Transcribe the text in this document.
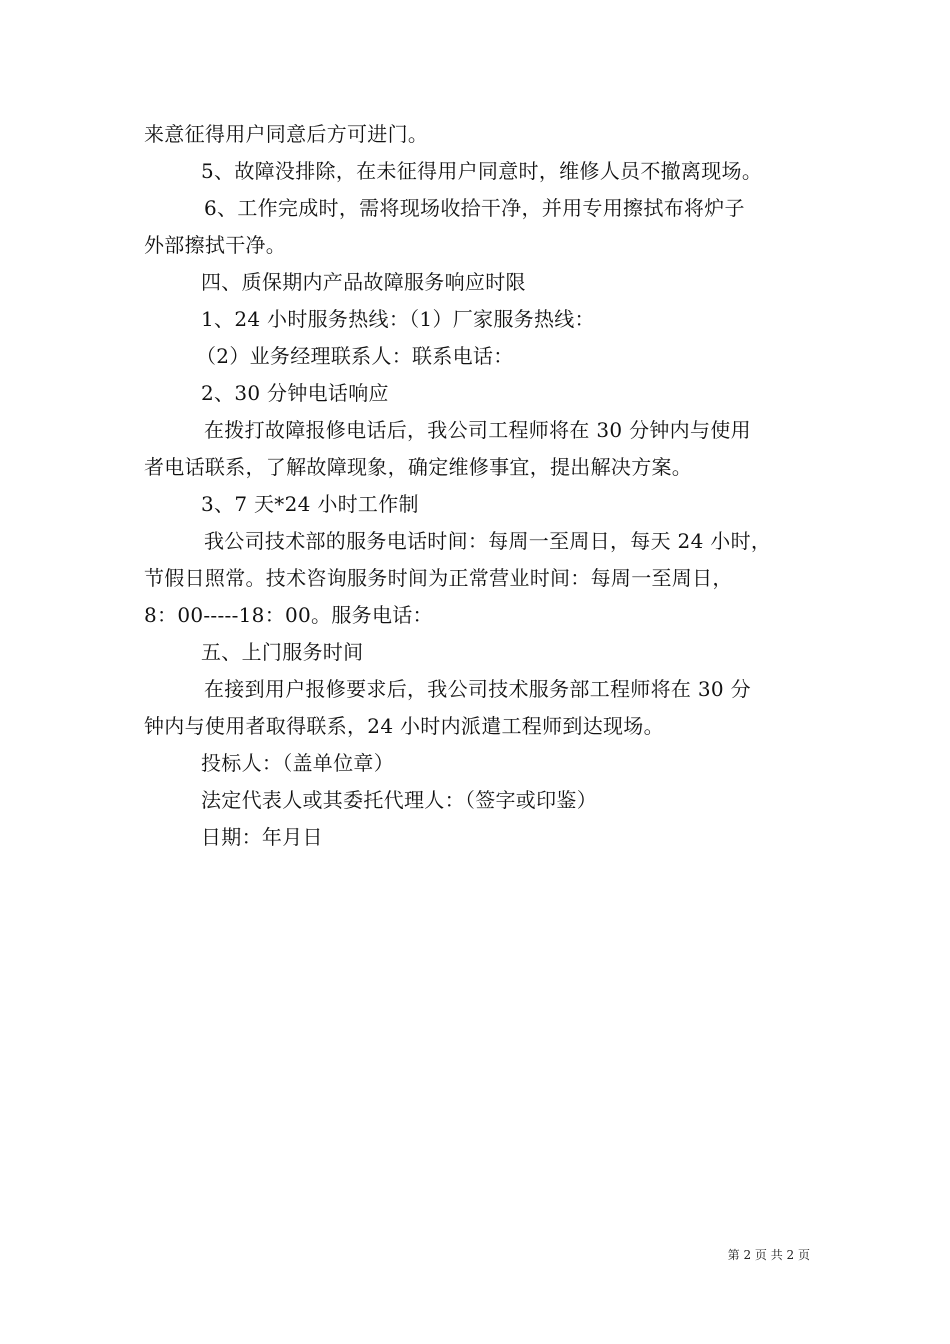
来意征得用户同意后方可进门。
5、故障没排除，在未征得用户同意时，维修人员不撤离现场。
6、工作完成时，需将现场收拾干净，并用专用擦拭布将炉子
外部擦拭干净。
四、质保期内产品故障服务响应时限
1、24 小时服务热线：（1）厂家服务热线：
（2）业务经理联系人：联系电话：
2、30 分钟电话响应
在拨打故障报修电话后，我公司工程师将在 30 分钟内与使用
者电话联系，了解故障现象，确定维修事宜，提出解决方案。
3、7 天*24 小时工作制
我公司技术部的服务电话时间：每周一至周日，每天 24 小时，
节假日照常。技术咨询服务时间为正常营业时间：每周一至周日，
8：00-----18：00。服务电话：
五、上门服务时间
在接到用户报修要求后，我公司技术服务部工程师将在 30 分
钟内与使用者取得联系，24 小时内派遣工程师到达现场。
投标人：（盖单位章）
法定代表人或其委托代理人：（签字或印鉴）
日期：年月日
第 2 页 共 2 页
